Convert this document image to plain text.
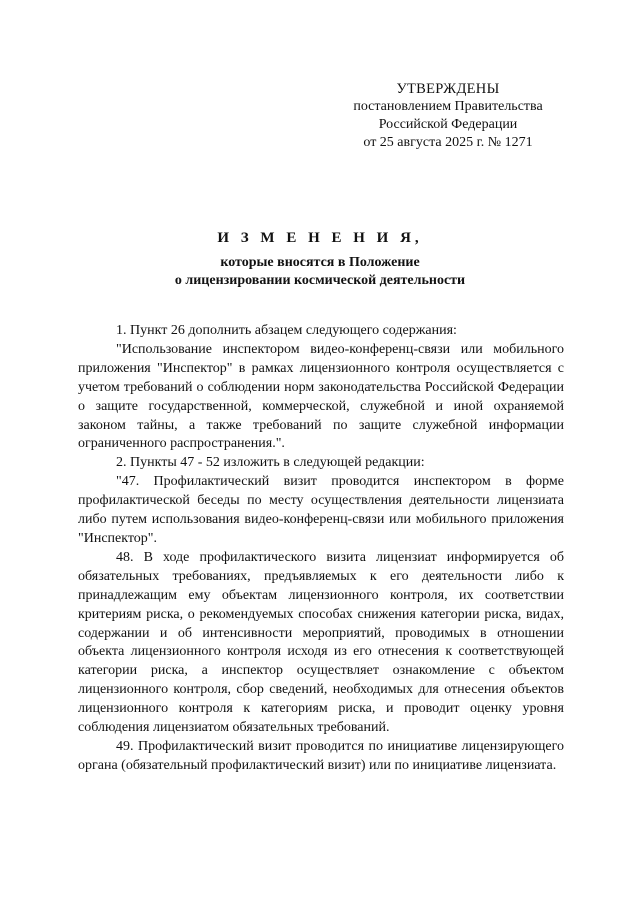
УТВЕРЖДЕНЫ
постановлением Правительства
Российской Федерации
от 25 августа 2025 г. № 1271
И З М Е Н Е Н И Я,
которые вносятся в Положение
о лицензировании космической деятельности

1. Пункт 26 дополнить абзацем следующего содержания:

"Использование инспектором видео-конференц-связи или мобильного приложения "Инспектор" в рамках лицензионного контроля осуществляется с учетом требований о соблюдении норм законодательства Российской Федерации о защите государственной, коммерческой, служебной и иной охраняемой законом тайны, а также требований по защите служебной информации ограниченного распространения.".

2. Пункты 47 - 52 изложить в следующей редакции:

"47. Профилактический визит проводится инспектором в форме профилактической беседы по месту осуществления деятельности лицензиата либо путем использования видео-конференц-связи или мобильного приложения "Инспектор".

48. В ходе профилактического визита лицензиат информируется об обязательных требованиях, предъявляемых к его деятельности либо к принадлежащим ему объектам лицензионного контроля, их соответствии критериям риска, о рекомендуемых способах снижения категории риска, видах, содержании и об интенсивности мероприятий, проводимых в отношении объекта лицензионного контроля исходя из его отнесения к соответствующей категории риска, а инспектор осуществляет ознакомление с объектом лицензионного контроля, сбор сведений, необходимых для отнесения объектов лицензионного контроля к категориям риска, и проводит оценку уровня соблюдения лицензиатом обязательных требований.

49. Профилактический визит проводится по инициативе лицензирующего органа (обязательный профилактический визит) или по инициативе лицензиата.
